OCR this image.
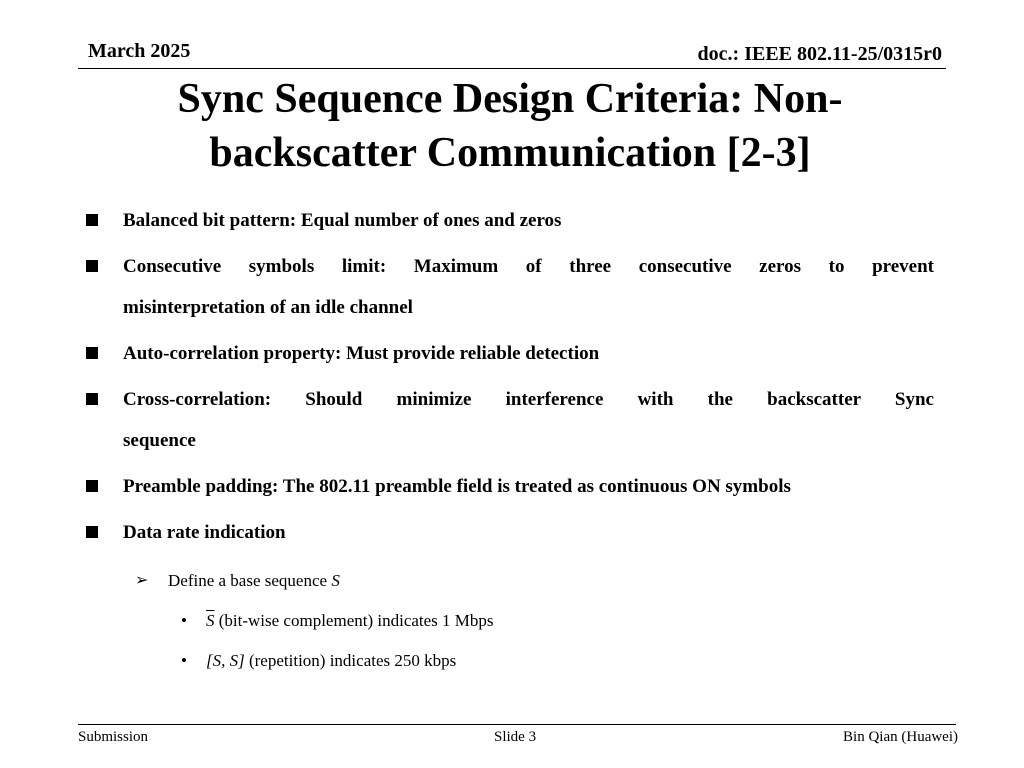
March 2025	doc.: IEEE 802.11-25/0315r0
Sync Sequence Design Criteria: Non-
backscatter Communication [2-3]
Balanced bit pattern: Equal number of ones and zeros
Consecutive symbols limit: Maximum of three consecutive zeros to prevent
misinterpretation of an idle channel
Auto-correlation property: Must provide reliable detection
Cross-correlation: Should minimize interference with the backscatter Sync
sequence
Preamble padding: The 802.11 preamble field is treated as continuous ON symbols
Data rate indication
➢ Define a base sequence S
• $\overline{S}$ (bit-wise complement) indicates 1 Mbps
• [S, S] (repetition) indicates 250 kbps
Submission	Slide 3	Bin Qian (Huawei)
